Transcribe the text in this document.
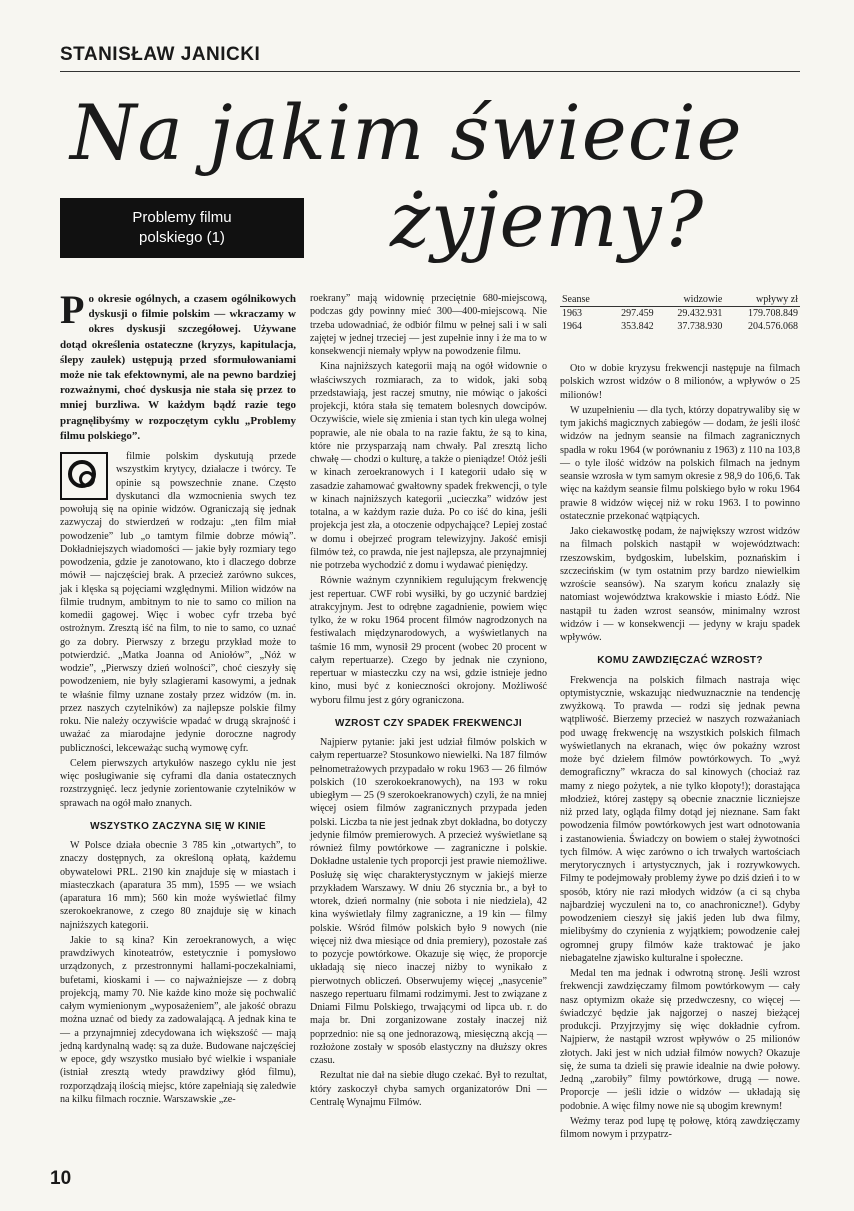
STANISŁAW JANICKI
Na jakim świecie
żyjemy?
Problemy filmu
polskiego (1)

Po okresie ogólnych, a czasem ogólnikowych dyskusji o filmie polskim — wkraczamy w okres dyskusji szczegółowej. Używane dotąd określenia ostateczne (kryzys, kapitulacja, ślepy zaułek) ustępują przed sformułowaniami może nie tak efektownymi, ale na pewno bardziej rozważnymi, choć dyskusja nie stała się przez to mniej burzliwa. W każdym bądź razie tego pragnęlibyśmy w rozpoczętym cyklu „Problemy filmu polskiego”.

filmie polskim dyskutują przede wszystkim krytycy, działacze i twórcy. Te opinie są powszechnie znane. Często dyskutanci dla wzmocnienia swych tez powołują się na opinie widzów. Ograniczają się jednak zazwyczaj do stwierdzeń w rodzaju: „ten film miał powodzenie” lub „o tamtym filmie dobrze mówią”. Dokładniejszych wiadomości — jakie były rozmiary tego powodzenia, gdzie je zanotowano, kto i dlaczego dobrze mówił — najczęściej brak. A przecież zarówno sukces, jak i klęska są pojęciami względnymi. Milion widzów na filmie trudnym, ambitnym to nie to samo co milion na komedii gagowej. Więc i wobec cyfr trzeba być ostrożnym. Zresztą iść na film, to nie to samo, co uznać go za dobry. Pierwszy z brzegu przykład może to potwierdzić. „Matka Joanna od Aniołów”, „Nóż w wodzie”, „Pierwszy dzień wolności”, choć cieszyły się powodzeniem, nie były szlagierami kasowymi, a jednak te właśnie filmy uznane zostały przez widzów (m. in. przez naszych czytelników) za najlepsze polskie filmy roku. Nie należy oczywiście wpadać w drugą skrajność i uważać za miarodajne jedynie doroczne nagrody publiczności, lekceważąc suchą wymowę cyfr.

Celem pierwszych artykułów naszego cyklu nie jest więc posługiwanie się cyframi dla dania ostatecznych rozstrzygnięć. lecz jedynie zorientowanie czytelników w sprawach na ogół mało znanych.

WSZYSTKO ZACZYNA SIĘ W KINIE

W Polsce działa obecnie 3 785 kin „otwartych”, to znaczy dostępnych, za określoną opłatą, każdemu obywatelowi PRL. 2190 kin znajduje się w miastach i miasteczkach (aparatura 35 mm), 1595 — we wsiach (aparatura 16 mm); 560 kin może wyświetlać filmy szerokoekranowe, z czego 80 znajduje się w kinach najniższych kategorii.

Jakie to są kina? Kin zeroekranowych, a więc prawdziwych kinoteatrów, estetycznie i pomysłowo urządzonych, z przestronnymi hallami-poczekalniami, bufetami, kioskami i — co najważniejsze — z dobrą projekcją, mamy 70. Nie każde kino może się pochwalić całym wymienionym „wyposażeniem”, ale jakość obrazu można uznać od biedy za zadowalającą. A jednak kina te — a przynajmniej zdecydowana ich większość — mają jedną kardynalną wadę: są za duże. Budowane najczęściej w epoce, gdy wszystko musiało być wielkie i wspaniałe (istniał zresztą wtedy prawdziwy głód filmu), rozporządzają ilością miejsc, które zapełniają się zaledwie na kilku filmach rocznie. Warszawskie „ze-

roekrany” mają widownię przeciętnie 680-miejscową, podczas gdy powinny mieć 300—400-miejscową. Nie trzeba udowadniać, że odbiór filmu w pełnej sali i w sali zajętej w jednej trzeciej — jest zupełnie inny i że ma to w konsekwencji niemały wpływ na powodzenie filmu.

Kina najniższych kategorii mają na ogół widownie o właściwszych rozmiarach, za to widok, jaki sobą przedstawiają, jest raczej smutny, nie mówiąc o jakości projekcji, która stała się tematem bolesnych dowcipów. Oczywiście, wiele się zmienia i stan tych kin ulega wolnej poprawie, ale nie obala to na razie faktu, że są to kina, które nie przysparzają nam chwały. Pal zresztą licho chwałę — chodzi o kulturę, a także o pieniądze! Otóż jeśli w kinach zeroekranowych i I kategorii udało się w zasadzie zahamować gwałtowny spadek frekwencji, o tyle w kinach najniższych kategorii „ucieczka” widzów jest totalna, a w każdym razie duża. Po co iść do kina, jeśli projekcja jest zła, a otoczenie odpychające? Lepiej zostać w domu i obejrzeć program telewizyjny. Jakość emisji filmów też, co prawda, nie jest najlepsza, ale przynajmniej nie potrzeba wychodzić z domu i wydawać pieniędzy.

Równie ważnym czynnikiem regulującym frekwencję jest repertuar. CWF robi wysiłki, by go uczynić bardziej atrakcyjnym. Jest to odrębne zagadnienie, powiem więc tylko, że w roku 1964 procent filmów nagrodzonych na festiwalach międzynarodowych, a wyświetlanych na taśmie 16 mm, wynosił 29 procent (wobec 20 procent w całym repertuarze). Czego by jednak nie czyniono, repertuar w miasteczku czy na wsi, gdzie istnieje jedno kino, musi być z konieczności okrojony. Możliwość wyboru filmu jest z góry ograniczona.

WZROST CZY SPADEK FREKWENCJI

Najpierw pytanie: jaki jest udział filmów polskich w całym repertuarze? Stosunkowo niewielki. Na 187 filmów pełnometrażowych przypadało w roku 1963 — 26 filmów polskich (10 szerokoekranowych), na 193 w roku ubiegłym — 25 (9 szerokoekranowych) czyli, że na mniej więcej osiem filmów zagranicznych przypada jeden polski. Liczba ta nie jest jednak zbyt dokładna, bo dotyczy jedynie filmów premierowych. A przecież wyświetlane są również filmy powtórkowe — zagraniczne i polskie. Dokładne ustalenie tych proporcji jest prawie niemożliwe. Posłużę się więc charakterystycznym w jakiejś mierze przykładem Warszawy. W dniu 26 stycznia br., a był to wtorek, dzień normalny (nie sobota i nie niedziela), 42 kina wyświetlały filmy zagraniczne, a 19 kin — filmy polskie. Wśród filmów polskich było 9 nowych (nie więcej niż dwa miesiące od dnia premiery), pozostałe zaś to pozycje powtórkowe. Okazuje się więc, że proporcje układają się nieco inaczej niżby to wynikało z pierwotnych obliczeń. Obserwujemy więcej „nasycenie” naszego repertuaru filmami rodzimymi. Jest to związane z Dniami Filmu Polskiego, trwającymi od lipca ub. r. do maja br. Dni zorganizowane zostały inaczej niż poprzednio: nie są one jednorazową, miesięczną akcją — rozłożone zostały w sposób elastyczny na dłuższy okres czasu.

Rezultat nie dał na siebie długo czekać. Był to rezultat, który zaskoczył chyba samych organizatorów Dni — Centralę Wynajmu Filmów.

Seanse		widzowie	wpływy zł
1963	297.459	29.432.931	179.708.849
1964	353.842	37.738.930	204.576.068

Oto w dobie kryzysu frekwencji następuje na filmach polskich wzrost widzów o 8 milionów, a wpływów o 25 milionów!

W uzupełnieniu — dla tych, którzy dopatrywaliby się w tym jakichś magicznych zabiegów — dodam, że jeśli ilość widzów na jednym seansie na filmach zagranicznych spadła w roku 1964 (w porównaniu z 1963) z 110 na 103,8 — o tyle ilość widzów na polskich filmach na jednym seansie wzrosła w tym samym okresie z 98,9 do 106,6. Tak więc na każdym seansie filmu polskiego było w roku 1964 prawie 8 widzów więcej niż w roku 1963. I to powinno ostatecznie przekonać wątpiących.

Jako ciekawostkę podam, że największy wzrost widzów na filmach polskich nastąpił w województwach: rzeszowskim, bydgoskim, lubelskim, poznańskim i szczecińskim (w tym ostatnim przy bardzo niewielkim wzroście seansów). Na szarym końcu znalazły się natomiast województwa krakowskie i miasto Łódź. Nie nastąpił tu żaden wzrost seansów, minimalny wzrost widzów i — w konsekwencji — jedyny w kraju spadek wpływów.

KOMU ZAWDZIĘCZAĆ WZROST?

Frekwencja na polskich filmach nastraja więc optymistycznie, wskazując niedwuznacznie na tendencję zwyżkową. To prawda — rodzi się jednak pewna wątpliwość. Bierzemy przecież w naszych rozważaniach pod uwagę frekwencję na wszystkich polskich filmach wyświetlanych na ekranach, więc ów pokaźny wzrost może być dziełem filmów powtórkowych. To „wyż demograficzny” wkracza do sal kinowych (chociaż raz mamy z niego pożytek, a nie tylko kłopoty!); dorastająca młodzież, której zastępy są obecnie znacznie liczniejsze niż przed laty, ogląda filmy dotąd jej nieznane. Sam fakt powodzenia filmów powtórkowych jest wart odnotowania i zastanowienia. Świadczy on bowiem o stałej żywotności tych filmów. A więc zarówno o ich trwałych wartościach merytorycznych i artystycznych, jak i rozrywkowych. Filmy te podejmowały problemy żywe po dziś dzień i to w sposób, który nie razi młodych widzów (a ci są chyba najbardziej wyczuleni na to, co anachroniczne!). Gdyby powodzeniem cieszył się jakiś jeden lub dwa filmy, mielibyśmy do czynienia z wyjątkiem; powodzenie całej ogromnej grupy filmów każe traktować je jako niebagatelne zjawisko kulturalne i społeczne.

Medal ten ma jednak i odwrotną stronę. Jeśli wzrost frekwencji zawdzięczamy filmom powtórkowym — cały nasz optymizm okaże się przedwczesny, co więcej — świadczyć będzie jak najgorzej o naszej bieżącej produkcji. Przyjrzyjmy się więc dokładnie cyfrom. Najpierw, że nastąpił wzrost wpływów o 25 milionów złotych. Jaki jest w nich udział filmów nowych? Okazuje się, że suma ta dzieli się prawie idealnie na dwie połowy. Jedną „zarobiły” filmy powtórkowe, drugą — nowe. Proporcje — jeśli idzie o widzów — układają się podobnie. A więc filmy nowe nie są ubogim krewnym!

Weźmy teraz pod lupę tę połowę, którą zawdzięczamy filmom nowym i przypatrz-

10
